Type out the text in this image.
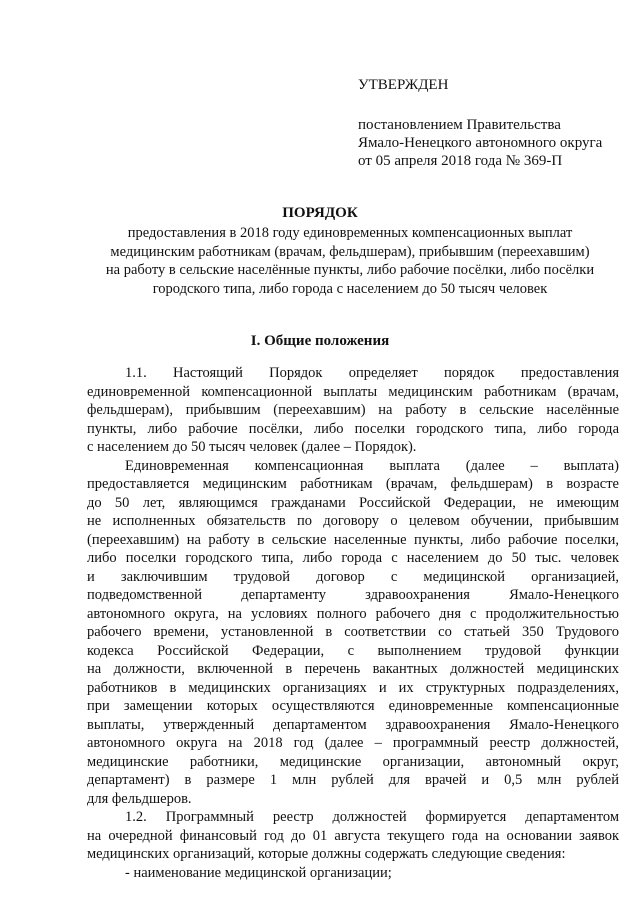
УТВЕРЖДЕН
постановлением Правительства
Ямало-Ненецкого автономного округа
от 05 апреля 2018 года № 369-П
ПОРЯДОК
предоставления в 2018 году единовременных компенсационных выплат
медицинским работникам (врачам, фельдшерам), прибывшим (переехавшим)
на работу в сельские населённые пункты, либо рабочие посёлки, либо посёлки
городского типа, либо города с населением до 50 тысяч человек
I. Общие положения
1.1. Настоящий Порядок определяет порядок предоставления
единовременной компенсационной выплаты медицинским работникам (врачам,
фельдшерам), прибывшим (переехавшим) на работу в сельские населённые
пункты, либо рабочие посёлки, либо поселки городского типа, либо города
с населением до 50 тысяч человек (далее – Порядок).
Единовременная компенсационная выплата (далее – выплата)
предоставляется медицинским работникам (врачам, фельдшерам) в возрасте
до 50 лет, являющимся гражданами Российской Федерации, не имеющим
не исполненных обязательств по договору о целевом обучении, прибывшим
(переехавшим) на работу в сельские населенные пункты, либо рабочие поселки,
либо поселки городского типа, либо города с населением до 50 тыс. человек
и заключившим трудовой договор с медицинской организацией,
подведомственной департаменту здравоохранения Ямало-Ненецкого
автономного округа, на условиях полного рабочего дня с продолжительностью
рабочего времени, установленной в соответствии со статьей 350 Трудового
кодекса Российской Федерации, с выполнением трудовой функции
на должности, включенной в перечень вакантных должностей медицинских
работников в медицинских организациях и их структурных подразделениях,
при замещении которых осуществляются единовременные компенсационные
выплаты, утвержденный департаментом здравоохранения Ямало-Ненецкого
автономного округа на 2018 год (далее – программный реестр должностей,
медицинские работники, медицинские организации, автономный округ,
департамент) в размере 1 млн рублей для врачей и 0,5 млн рублей
для фельдшеров.
1.2. Программный реестр должностей формируется департаментом
на очередной финансовый год до 01 августа текущего года на основании заявок
медицинских организаций, которые должны содержать следующие сведения:
- наименование медицинской организации;
